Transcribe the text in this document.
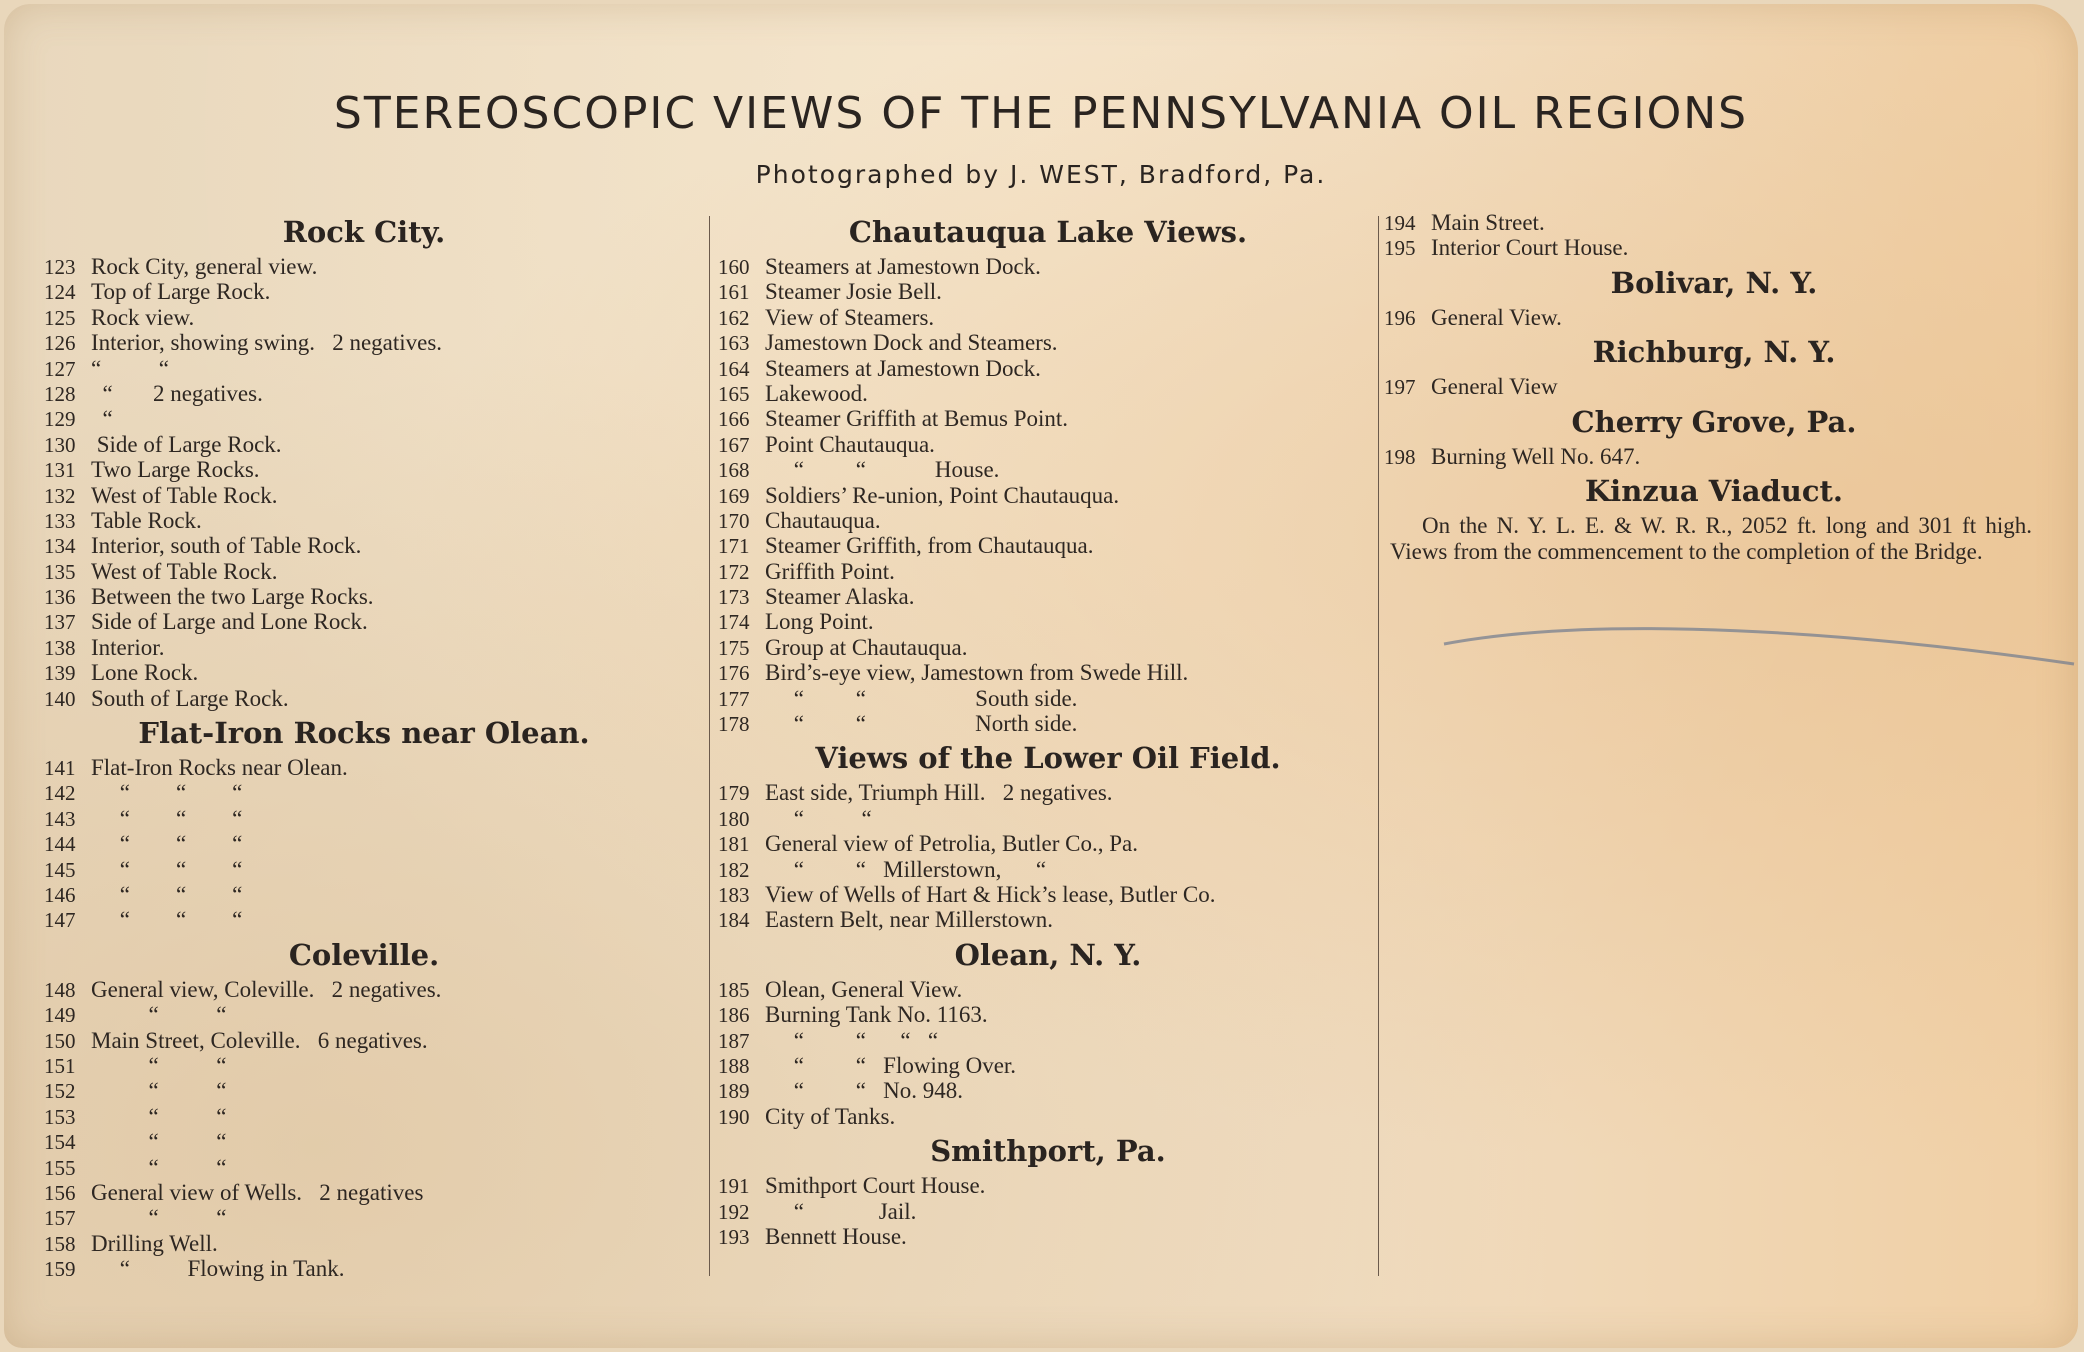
STEREOSCOPIC VIEWS OF THE PENNSYLVANIA OIL REGIONS
Photographed by J. WEST, Bradford, Pa.
Rock City.
123 Rock City, general view.
124 Top of Large Rock.
125 Rock view.
126 Interior, showing swing.   2 negatives.
127 “          “
128 “       2 negatives.
129 “
130 Side of Large Rock.
131 Two Large Rocks.
132 West of Table Rock.
133 Table Rock.
134 Interior, south of Table Rock.
135 West of Table Rock.
136 Between the two Large Rocks.
137 Side of Large and Lone Rock.
138 Interior.
139 Lone Rock.
140 South of Large Rock.
Flat-Iron Rocks near Olean.
141 Flat-Iron Rocks near Olean.
142 “        “        “
143 “        “        “
144 “        “        “
145 “        “        “
146 “        “        “
147 “        “        “
Coleville.
148 General view, Coleville.   2 negatives.
149 “          “
150 Main Street, Coleville.   6 negatives.
151 “          “
152 “          “
153 “          “
154 “          “
155 “          “
156 General view of Wells.   2 negatives
157 “          “
158 Drilling Well.
159 “          Flowing in Tank.
Chautauqua Lake Views.
160 Steamers at Jamestown Dock.
161 Steamer Josie Bell.
162 View of Steamers.
163 Jamestown Dock and Steamers.
164 Steamers at Jamestown Dock.
165 Lakewood.
166 Steamer Griffith at Bemus Point.
167 Point Chautauqua.
168 “         “            House.
169 Soldiers’ Re-union, Point Chautauqua.
170 Chautauqua.
171 Steamer Griffith, from Chautauqua.
172 Griffith Point.
173 Steamer Alaska.
174 Long Point.
175 Group at Chautauqua.
176 Bird’s-eye view, Jamestown from Swede Hill.
177 “         “                   South side.
178 “         “                   North side.
Views of the Lower Oil Field.
179 East side, Triumph Hill.   2 negatives.
180 “          “
181 General view of Petrolia, Butler Co., Pa.
182 “         “   Millerstown,      “
183 View of Wells of Hart & Hick’s lease, Butler Co.
184 Eastern Belt, near Millerstown.
Olean, N. Y.
185 Olean, General View.
186 Burning Tank No. 1163.
187 “         “      “   “
188 “         “   Flowing Over.
189 “         “   No. 948.
190 City of Tanks.
Smithport, Pa.
191 Smithport Court House.
192 “             Jail.
193 Bennett House.
194 Main Street.
195 Interior Court House.
Bolivar, N. Y.
196 General View.
Richburg, N. Y.
197 General View
Cherry Grove, Pa.
198 Burning Well No. 647.
Kinzua Viaduct.
On the N. Y. L. E. & W. R. R., 2052 ft. long and 301 ft high. Views from the commencement to the completion of the Bridge.
